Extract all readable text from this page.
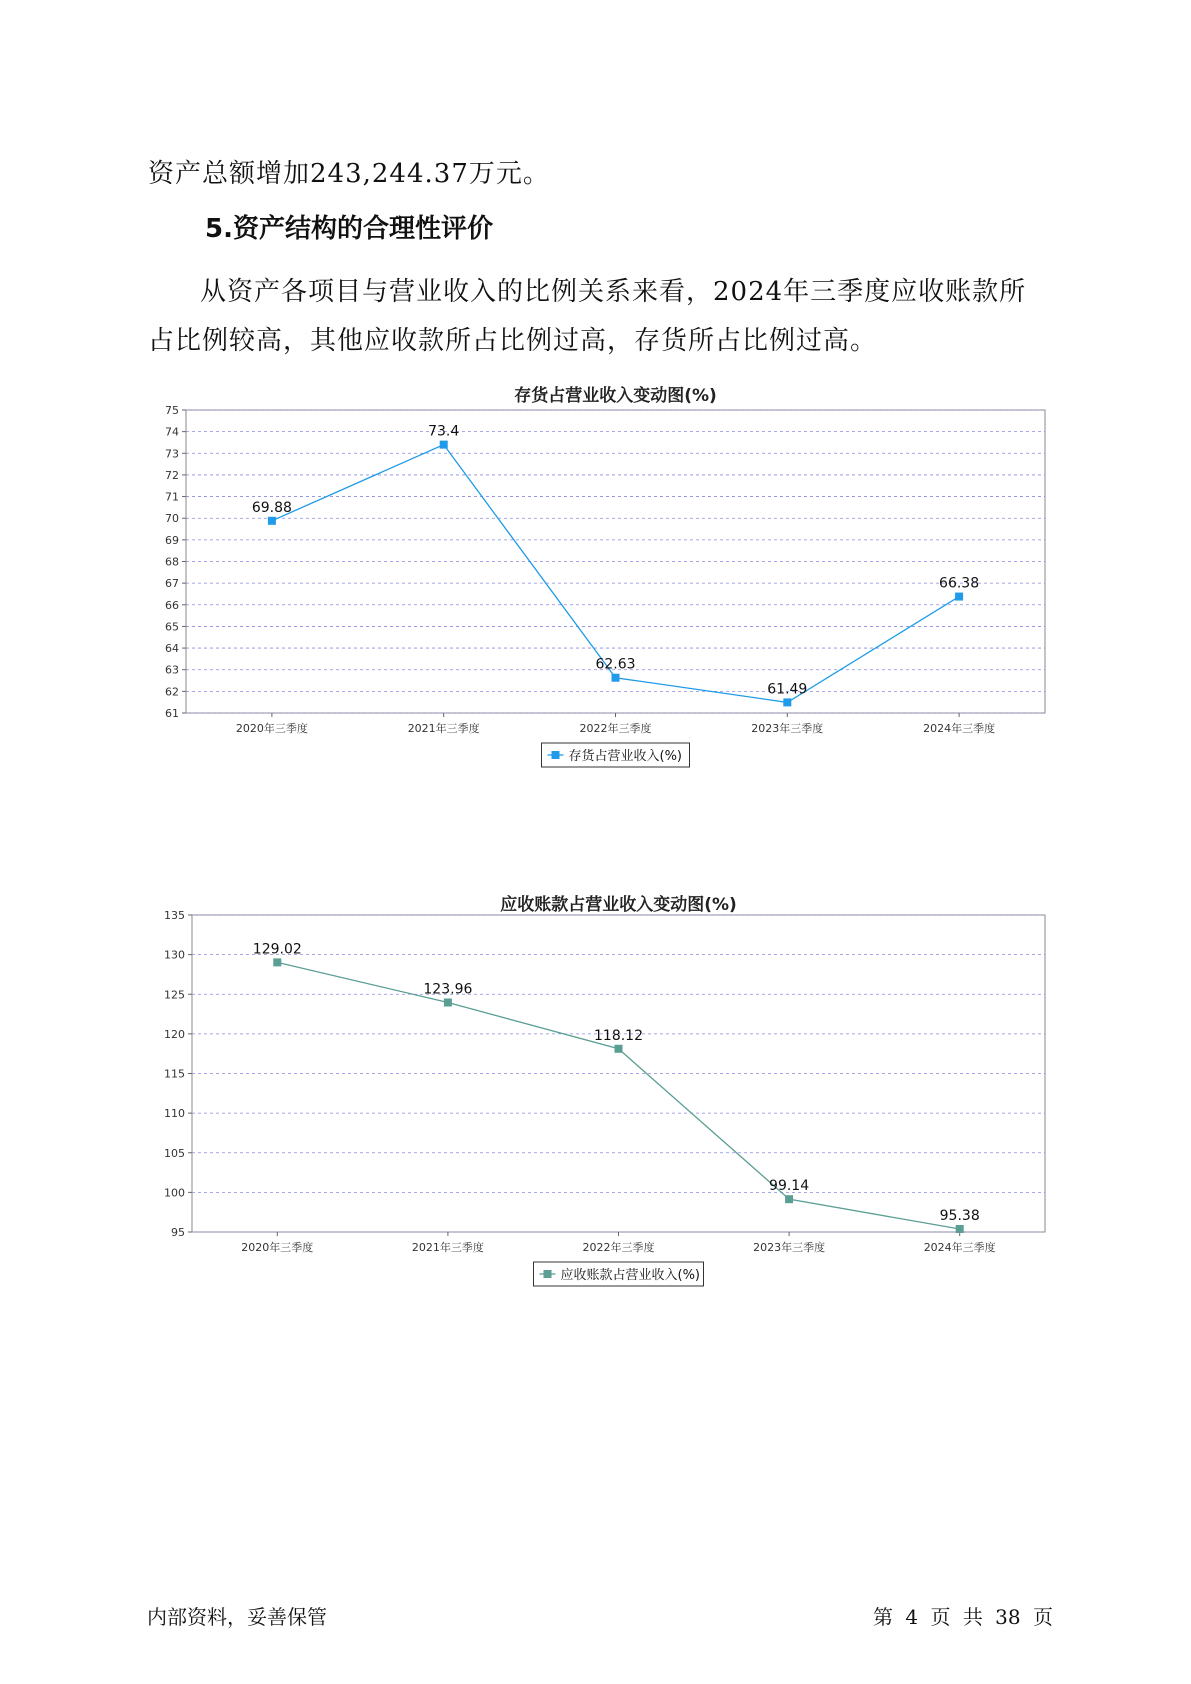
资产总额增加243,244.37万元。

5.资产结构的合理性评价

从资产各项目与营业收入的比例关系来看，2024年三季度应收账款所占比例较高，其他应收款所占比例过高，存货所占比例过高。

存货占营业收入变动图(%)
61
62
63
64
65
66
67
68
69
70
71
72
73
74
75
2020年三季度	2021年三季度	2022年三季度	2023年三季度	2024年三季度
69.88
73.4
62.63
61.49
66.38
存货占营业收入(%)
应收账款占营业收入变动图(%)
95
100
105
110
115
120
125
130
135
2020年三季度	2021年三季度	2022年三季度	2023年三季度	2024年三季度
129.02
123.96
118.12
99.14
95.38
应收账款占营业收入(%)
内部资料，妥善保管	第 4 页 共 38 页
